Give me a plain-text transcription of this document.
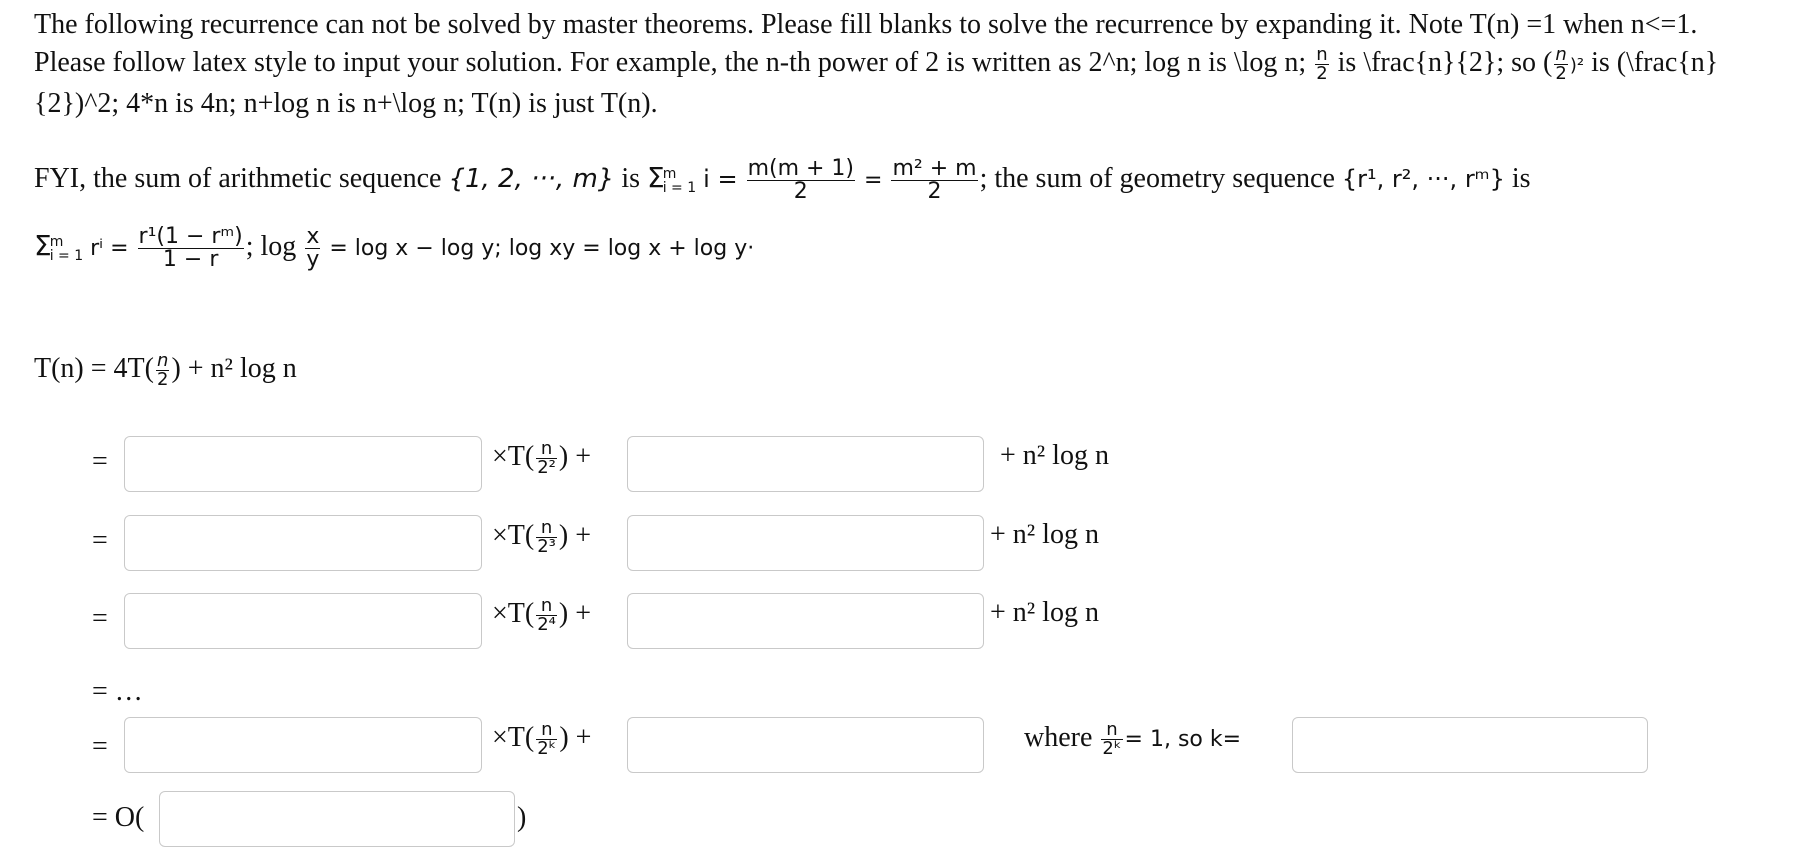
The following recurrence can not be solved by master theorems. Please fill blanks to solve the recurrence by expanding it. Note T(n) =1 when n<=1. Please follow latex style to input your solution. For example, the n-th power of 2 is written as 2^n; log n is \log n; $\frac{n}{2}$ is \frac{n}{2}; so ( $\frac{n}{2} )^2$ is (\frac{n}{2})^2; 4*n is 4n; n+log n is n+\log n; T(n) is just T(n).
FYI, the sum of arithmetic sequence {1, 2, ···, m} is Σ
m
i = 1 $i = \frac{m(m + 1)}{2} = \frac{\text{m² + m}}{2}$ ; the sum of geometry sequence {r¹, r², ···, rᵐ} is
Σ
m
i = 1 $r^i = \frac{\text{r¹(1 − rᵐ)}}{1 - r}$ ; $\log \frac{x}{y} = \log x - \log y$; log xy = log x + log y·
$T(n) = 4T( \frac{n}{2}$ ) + n² log n
=	$\times T( \frac{n}{\text{2²}}$ ) +	+ n² log n
=	$\times T( \frac{n}{\text{2³}}$ ) +	+ n² log n
=	$\times T( \frac{n}{\text{2⁴}}$ ) +	+ n² log n
= …
=	$\times T( \frac{n}{\text{2ᵏ}}$ ) +	where $\frac{n}{\text{2ᵏ}} = 1$, so k=
= O(	)
